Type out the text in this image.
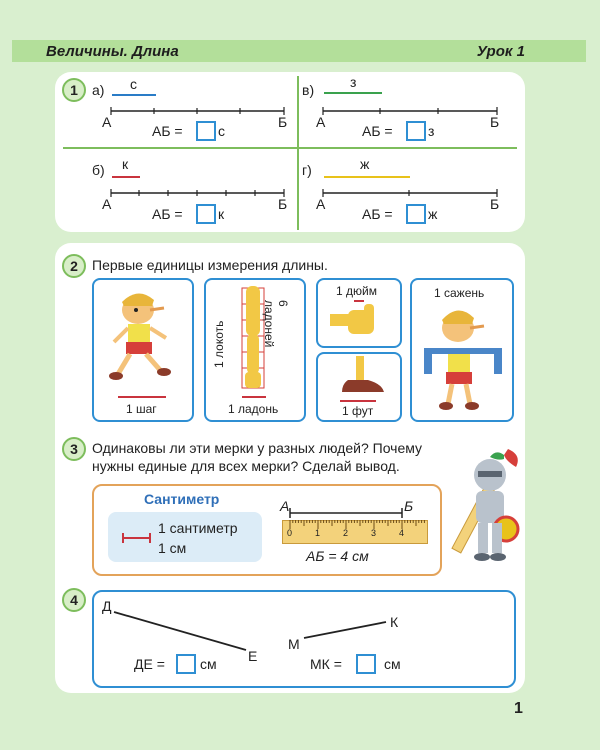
Величины. Длина	Урок 1
1	а) с
А	Б
АБ =	с
в)	з
А	Б
АБ =	з
б) к
А	Б
АБ =	к
г)	ж
А	Б
АБ =	ж
2	Первые единицы измерения длины.
1 шаг
1 локоть
6 ладоней
1 ладонь
1 дюйм
1 фут
1 сажень
3	Одинаковы ли эти мерки у разных людей? Почему
нужны единые для всех мерки? Сделай вывод.
Сантиметр
1 сантиметр
1 см
А	Б
0	1	2	3	4
АБ = 4 см
4	Д
Е
М
К
ДЕ =	см	МК =	см
1
